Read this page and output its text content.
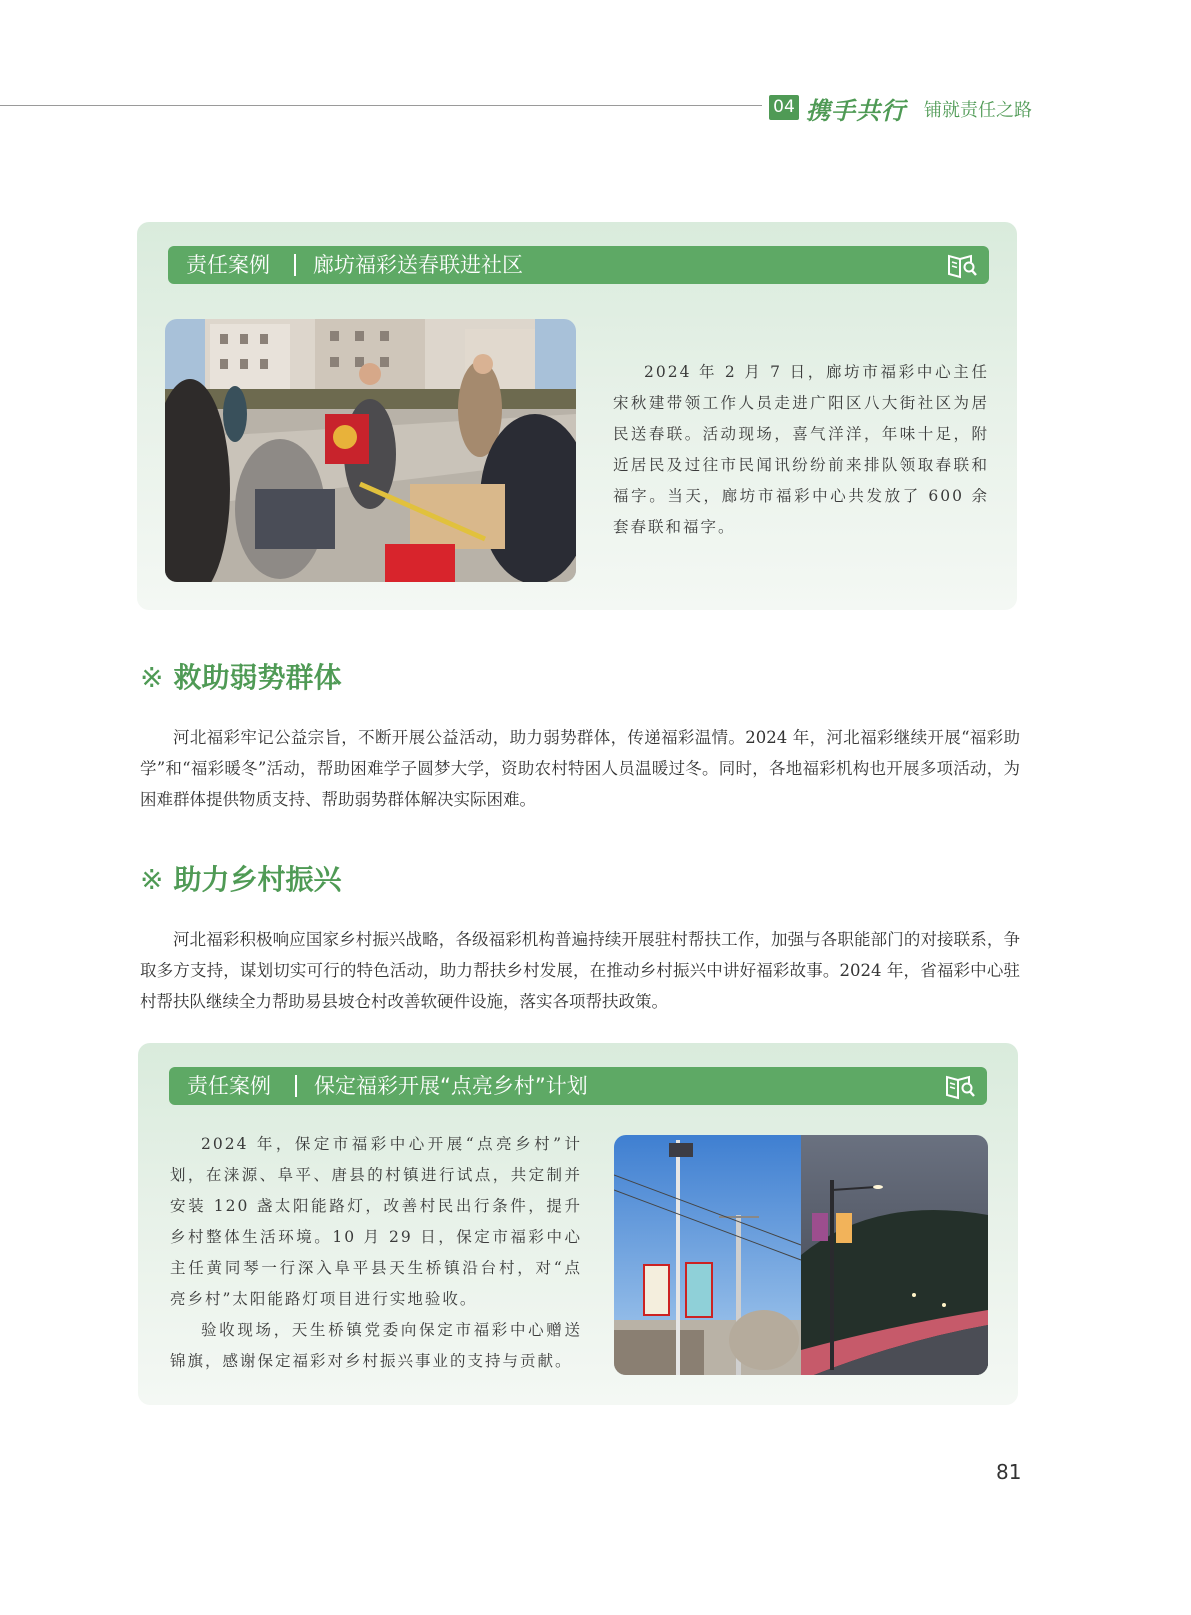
04 携手共行 铺就责任之路
责任案例 廊坊福彩送春联进社区

2024 年 2 月 7 日，廊坊市福彩中心主任宋秋建带领工作人员走进广阳区八大街社区为居民送春联。活动现场，喜气洋洋，年味十足，附近居民及过往市民闻讯纷纷前来排队领取春联和福字。当天，廊坊市福彩中心共发放了 600 余套春联和福字。

※ 救助弱势群体

河北福彩牢记公益宗旨，不断开展公益活动，助力弱势群体，传递福彩温情。2024 年，河北福彩继续开展“福彩助学”和“福彩暖冬”活动，帮助困难学子圆梦大学，资助农村特困人员温暖过冬。同时，各地福彩机构也开展多项活动，为困难群体提供物质支持、帮助弱势群体解决实际困难。

※ 助力乡村振兴

河北福彩积极响应国家乡村振兴战略，各级福彩机构普遍持续开展驻村帮扶工作，加强与各职能部门的对接联系，争取多方支持，谋划切实可行的特色活动，助力帮扶乡村发展，在推动乡村振兴中讲好福彩故事。2024 年，省福彩中心驻村帮扶队继续全力帮助易县坡仓村改善软硬件设施，落实各项帮扶政策。

责任案例 保定福彩开展“点亮乡村”计划

2024 年，保定市福彩中心开展“点亮乡村”计划，在涞源、阜平、唐县的村镇进行试点，共定制并安装 120 盏太阳能路灯，改善村民出行条件，提升乡村整体生活环境。10 月 29 日，保定市福彩中心主任黄同琴一行深入阜平县天生桥镇沿台村，对“点亮乡村”太阳能路灯项目进行实地验收。

验收现场，天生桥镇党委向保定市福彩中心赠送锦旗，感谢保定福彩对乡村振兴事业的支持与贡献。

81
